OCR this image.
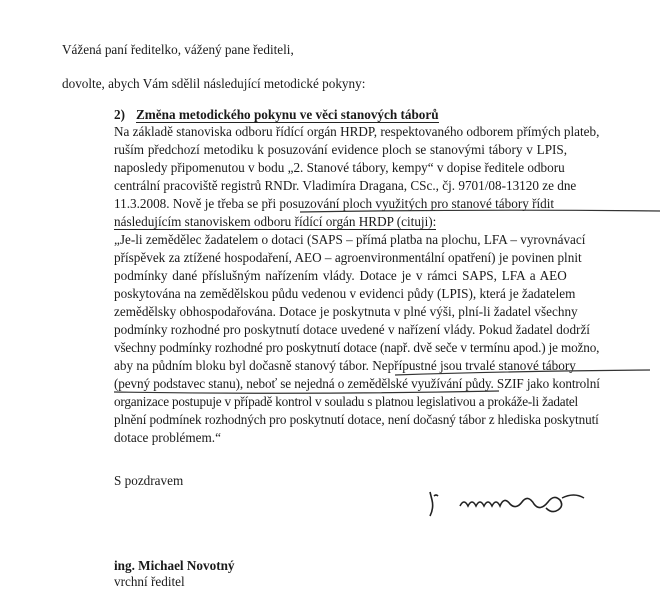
Vážená paní ředitelko, vážený pane řediteli,
dovolte, abych Vám sdělil následující metodické pokyny:
2) Změna metodického pokynu ve věci stanových táborů
Na základě stanoviska odboru řídící orgán HRDP, respektovaného odborem přímých plateb,
ruším předchozí metodiku k posuzování evidence ploch se stanovými tábory v LPIS,
naposledy připomenutou v bodu „2. Stanové tábory, kempy“ v dopise ředitele odboru
centrální pracoviště registrů RNDr. Vladimíra Dragana, CSc., čj. 9701/08-13120 ze dne
11.3.2008. Nově je třeba se při posuzování ploch využitých pro stanové tábory řídit
následujícím stanoviskem odboru řídící orgán HRDP (cituji):
„Je-li zemědělec žadatelem o dotaci (SAPS – přímá platba na plochu, LFA – vyrovnávací
příspěvek za ztížené hospodaření, AEO – agroenvironmentální opatření) je povinen plnit
podmínky dané příslušným nařízením vlády. Dotace je v rámci SAPS, LFA a AEO
poskytována na zemědělskou půdu vedenou v evidenci půdy (LPIS), která je žadatelem
zemědělsky obhospodařována. Dotace je poskytnuta v plné výši, plní-li žadatel všechny
podmínky rozhodné pro poskytnutí dotace uvedené v nařízení vlády. Pokud žadatel dodrží
všechny podmínky rozhodné pro poskytnutí dotace (např. dvě seče v termínu apod.) je možno,
aby na půdním bloku byl dočasně stanový tábor. Nepřípustné jsou trvalé stanové tábory
(pevný podstavec stanu), neboť se nejedná o zemědělské využívání půdy. SZIF jako kontrolní
organizace postupuje v případě kontrol v souladu s platnou legislativou a prokáže-li žadatel
plnění podmínek rozhodných pro poskytnutí dotace, není dočasný tábor z hlediska poskytnutí
dotace problémem.“
S pozdravem
ing. Michael Novotný
vrchní ředitel
